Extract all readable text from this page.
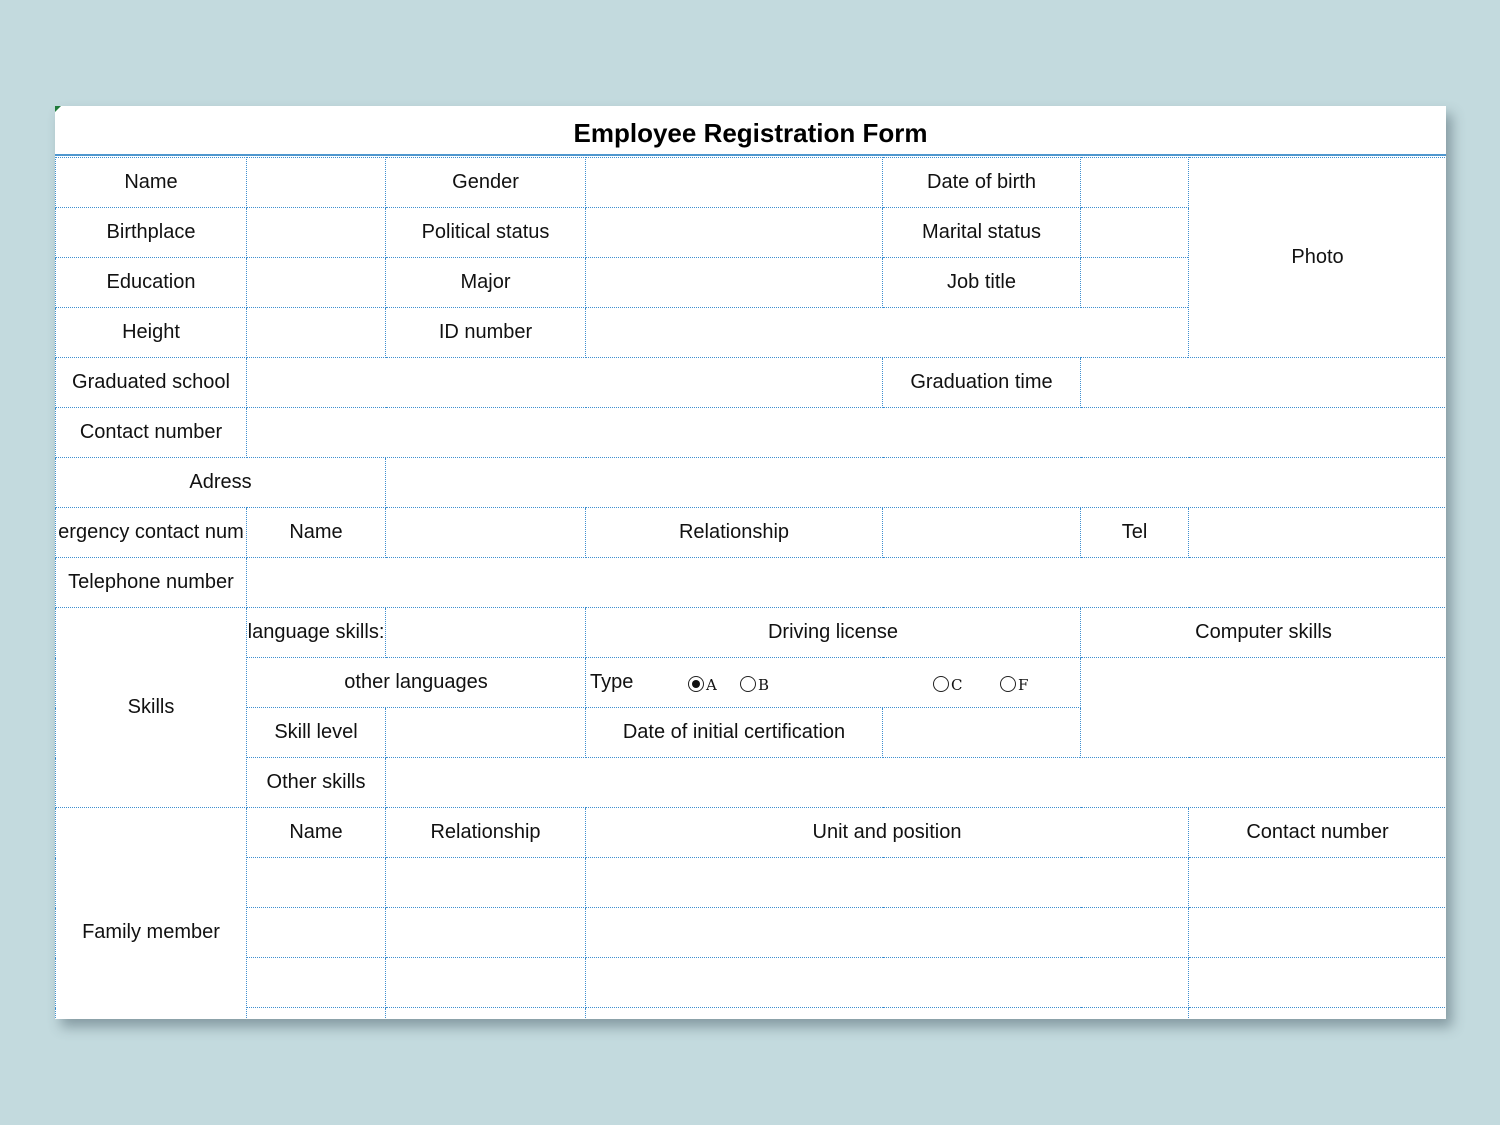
Employee Registration Form
Name		Gender		Date of birth		Photo
Birthplace		Political status		Marital status		
Education		Major		Job title		
Height		ID number				
Graduated school				Graduation time		
Contact number						
Adress						
ergency contact num	Name		Relationship		Tel	
Telephone number						
Skills	language skills:		Driving license		Computer skills	
	other languages		Type A B C F			

	Skill level		Date of initial certification			
	Other skills					
Family member	Name	Relationship	Unit and position			Contact number
